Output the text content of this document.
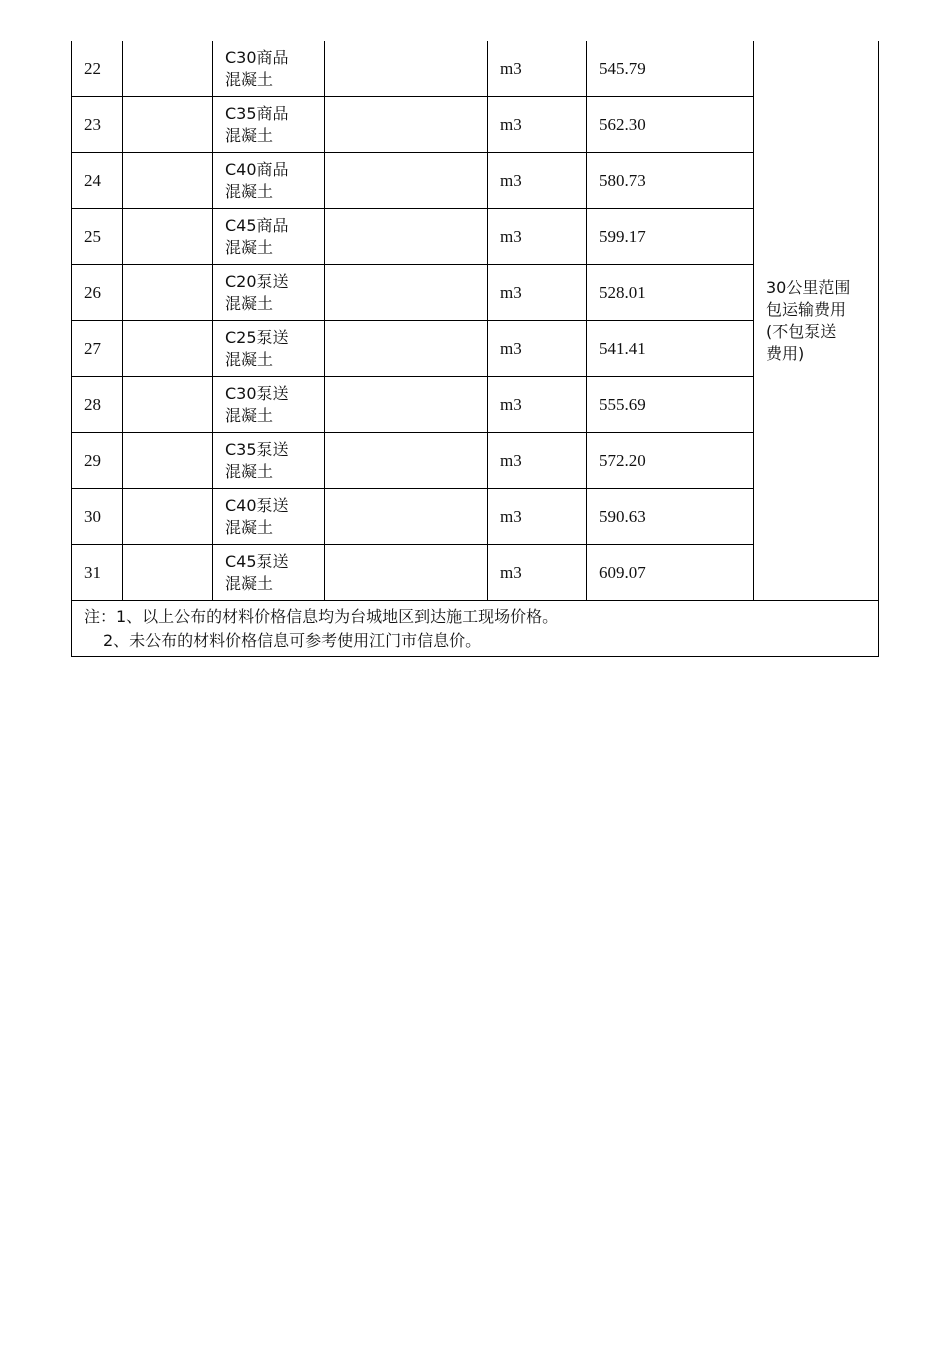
22		C30商品
混凝土		m3	545.79	30公里范围
包运输费用
(不包泵送
费用)

23		C35商品
混凝土		m3	562.30	
24		C40商品
混凝土		m3	580.73	
25		C45商品
混凝土		m3	599.17	
26		C20泵送
混凝土		m3	528.01	
27		C25泵送
混凝土		m3	541.41	
28		C30泵送
混凝土		m3	555.69	
29		C35泵送
混凝土		m3	572.20	
30		C40泵送
混凝土		m3	590.63	
31		C45泵送
混凝土		m3	609.07	

注：1、以上公布的材料价格信息均为台城地区到达施工现场价格。
2、未公布的材料价格信息可参考使用江门市信息价。						
